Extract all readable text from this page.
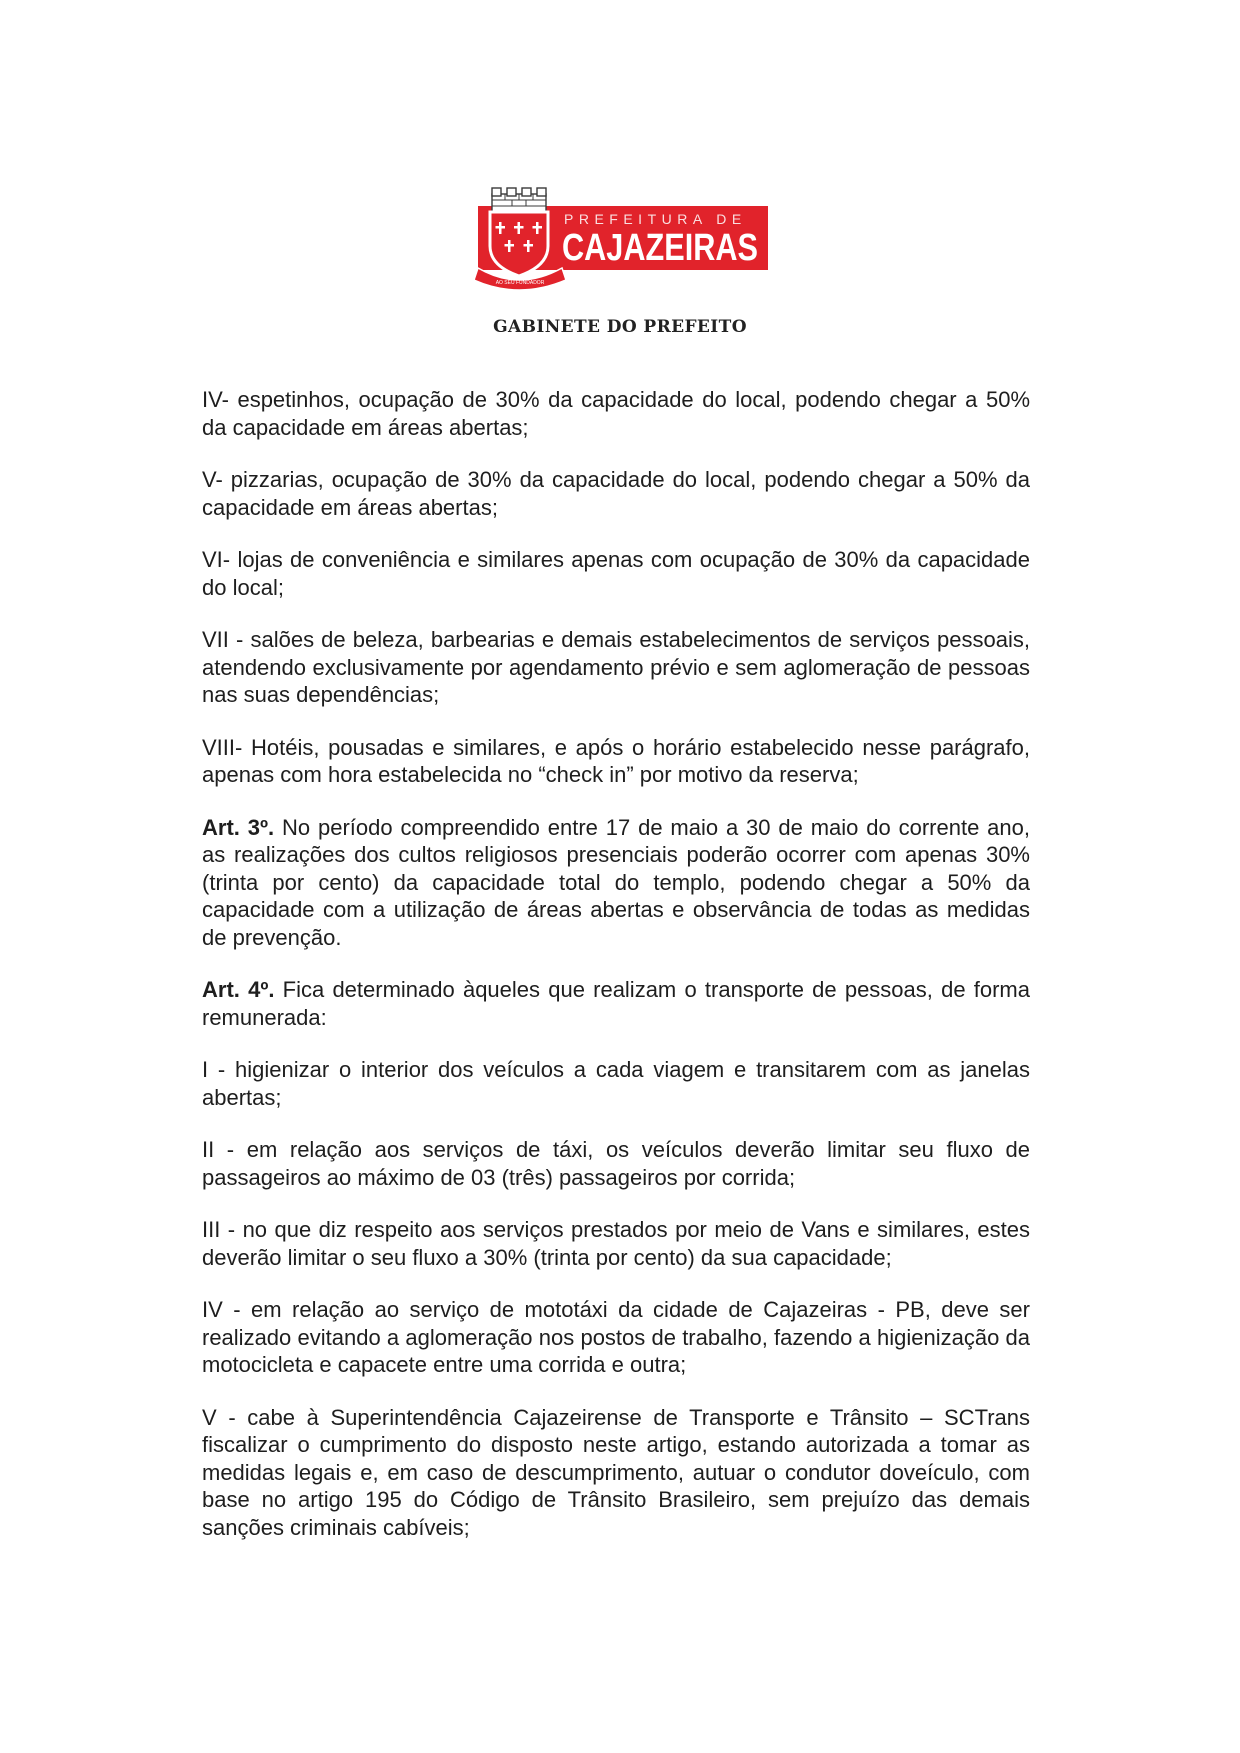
AO SEU FUNDADOR
PREFEITURA DE
CAJAZEIRAS
GABINETE DO PREFEITO

IV- espetinhos, ocupação de 30% da capacidade do local, podendo chegar a 50% da capacidade em áreas abertas;

V- pizzarias, ocupação de 30% da capacidade do local, podendo chegar a 50% da capacidade em áreas abertas;

VI- lojas de conveniência e similares apenas com ocupação de 30% da capacidade do local;

VII - salões de beleza, barbearias e demais estabelecimentos de serviços pessoais, atendendo exclusivamente por agendamento prévio e sem aglomeração de pessoas nas suas dependências;

VIII- Hotéis, pousadas e similares, e após o horário estabelecido nesse parágrafo, apenas com hora estabelecida no “check in” por motivo da reserva;

Art. 3º. No período compreendido entre 17 de maio a 30 de maio do corrente ano, as realizações dos cultos religiosos presenciais poderão ocorrer com apenas 30% (trinta por cento) da capacidade total do templo, podendo chegar a 50% da capacidade com a utilização de áreas abertas e observância de todas as medidas de prevenção.

Art. 4º. Fica determinado àqueles que realizam o transporte de pessoas, de forma remunerada:

I - higienizar o interior dos veículos a cada viagem e transitarem com as janelas abertas;

II - em relação aos serviços de táxi, os veículos deverão limitar seu fluxo de passageiros ao máximo de 03 (três) passageiros por corrida;

III - no que diz respeito aos serviços prestados por meio de Vans e similares, estes deverão limitar o seu fluxo a 30% (trinta por cento) da sua capacidade;

IV - em relação ao serviço de mototáxi da cidade de Cajazeiras - PB, deve ser realizado evitando a aglomeração nos postos de trabalho, fazendo a higienização da motocicleta e capacete entre uma corrida e outra;

V - cabe à Superintendência Cajazeirense de Transporte e Trânsito – SCTrans fiscalizar o cumprimento do disposto neste artigo, estando autorizada a tomar as medidas legais e, em caso de descumprimento, autuar o condutor doveículo, com base no artigo 195 do Código de Trânsito Brasileiro, sem prejuízo das demais sanções criminais cabíveis;
